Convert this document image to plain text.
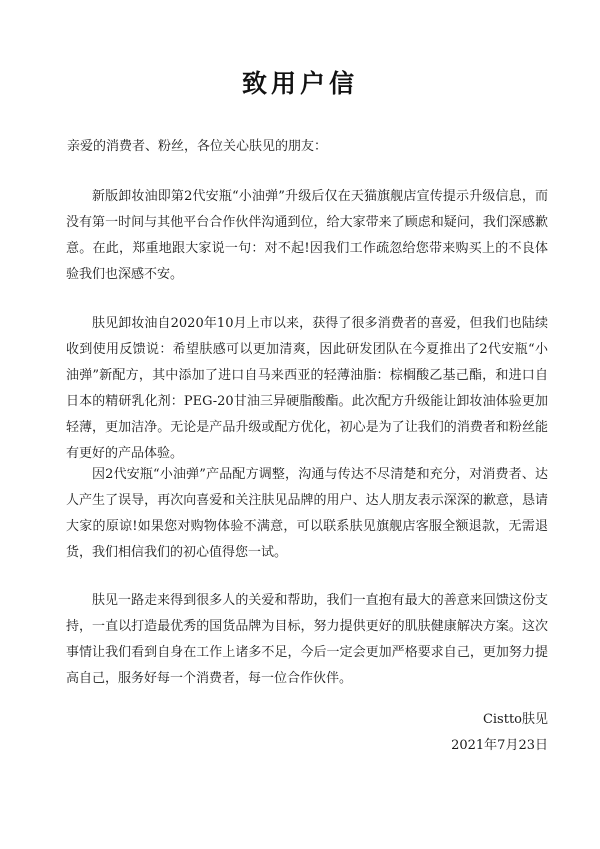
致用户信
亲爱的消费者、粉丝，各位关心肤见的朋友：
新版卸妆油即第2代安瓶“小油弹”升级后仅在天猫旗舰店宣传提示升级信息，而没有第一时间与其他平台合作伙伴沟通到位，给大家带来了顾虑和疑问，我们深感歉意。在此，郑重地跟大家说一句：对不起!因我们工作疏忽给您带来购买上的不良体验我们也深感不安。
肤见卸妆油自2020年10月上市以来，获得了很多消费者的喜爱，但我们也陆续收到使用反馈说：希望肤感可以更加清爽，因此研发团队在今夏推出了2代安瓶“小油弹”新配方，其中添加了进口自马来西亚的轻薄油脂：棕榈酸乙基己酯，和进口自日本的精研乳化剂：PEG-20甘油三异硬脂酸酯。此次配方升级能让卸妆油体验更加轻薄，更加洁净。无论是产品升级或配方优化，初心是为了让我们的消费者和粉丝能有更好的产品体验。
因2代安瓶“小油弹”产品配方调整，沟通与传达不尽清楚和充分，对消费者、达人产生了误导，再次向喜爱和关注肤见品牌的用户、达人朋友表示深深的歉意，恳请大家的原谅!如果您对购物体验不满意，可以联系肤见旗舰店客服全额退款，无需退货，我们相信我们的初心值得您一试。
肤见一路走来得到很多人的关爱和帮助，我们一直抱有最大的善意来回馈这份支持，一直以打造最优秀的国货品牌为目标，努力提供更好的肌肤健康解决方案。这次事情让我们看到自身在工作上诸多不足，今后一定会更加严格要求自己，更加努力提高自己，服务好每一个消费者，每一位合作伙伴。
Cistto肤见
2021年7月23日
